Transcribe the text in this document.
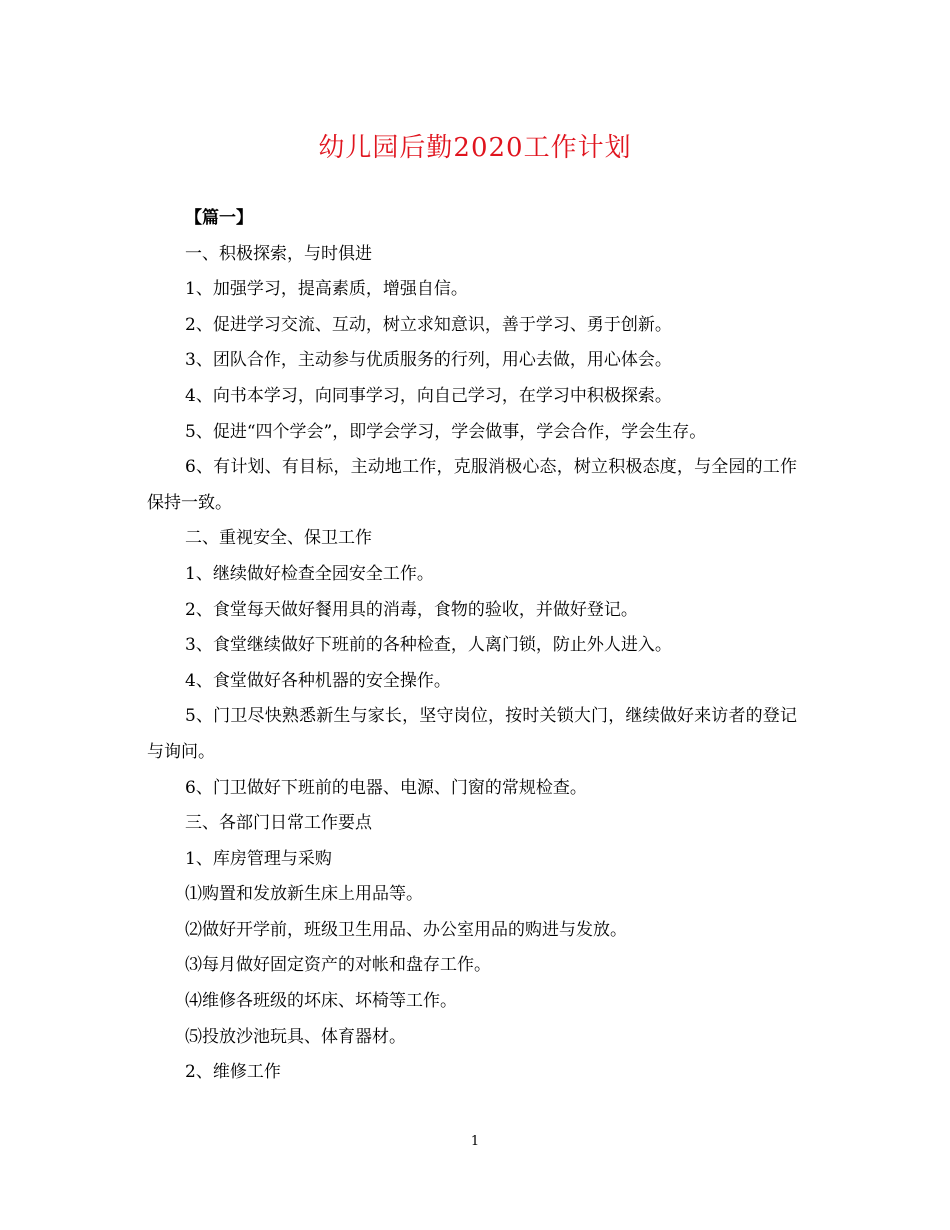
幼儿园后勤2020工作计划

【篇一】

一、积极探索，与时俱进

1、加强学习，提高素质，增强自信。

2、促进学习交流、互动，树立求知意识，善于学习、勇于创新。

3、团队合作，主动参与优质服务的行列，用心去做，用心体会。

4、向书本学习，向同事学习，向自己学习，在学习中积极探索。

5、促进“四个学会”，即学会学习，学会做事，学会合作，学会生存。

6、有计划、有目标，主动地工作，克服消极心态，树立积极态度，与全园的工作保持一致。

二、重视安全、保卫工作

1、继续做好检查全园安全工作。

2、食堂每天做好餐用具的消毒，食物的验收，并做好登记。

3、食堂继续做好下班前的各种检查，人离门锁，防止外人进入。

4、食堂做好各种机器的安全操作。

5、门卫尽快熟悉新生与家长，坚守岗位，按时关锁大门，继续做好来访者的登记与询问。

6、门卫做好下班前的电器、电源、门窗的常规检查。

三、各部门日常工作要点

1、库房管理与采购

⑴购置和发放新生床上用品等。

⑵做好开学前，班级卫生用品、办公室用品的购进与发放。

⑶每月做好固定资产的对帐和盘存工作。

⑷维修各班级的坏床、坏椅等工作。

⑸投放沙池玩具、体育器材。

2、维修工作

1
